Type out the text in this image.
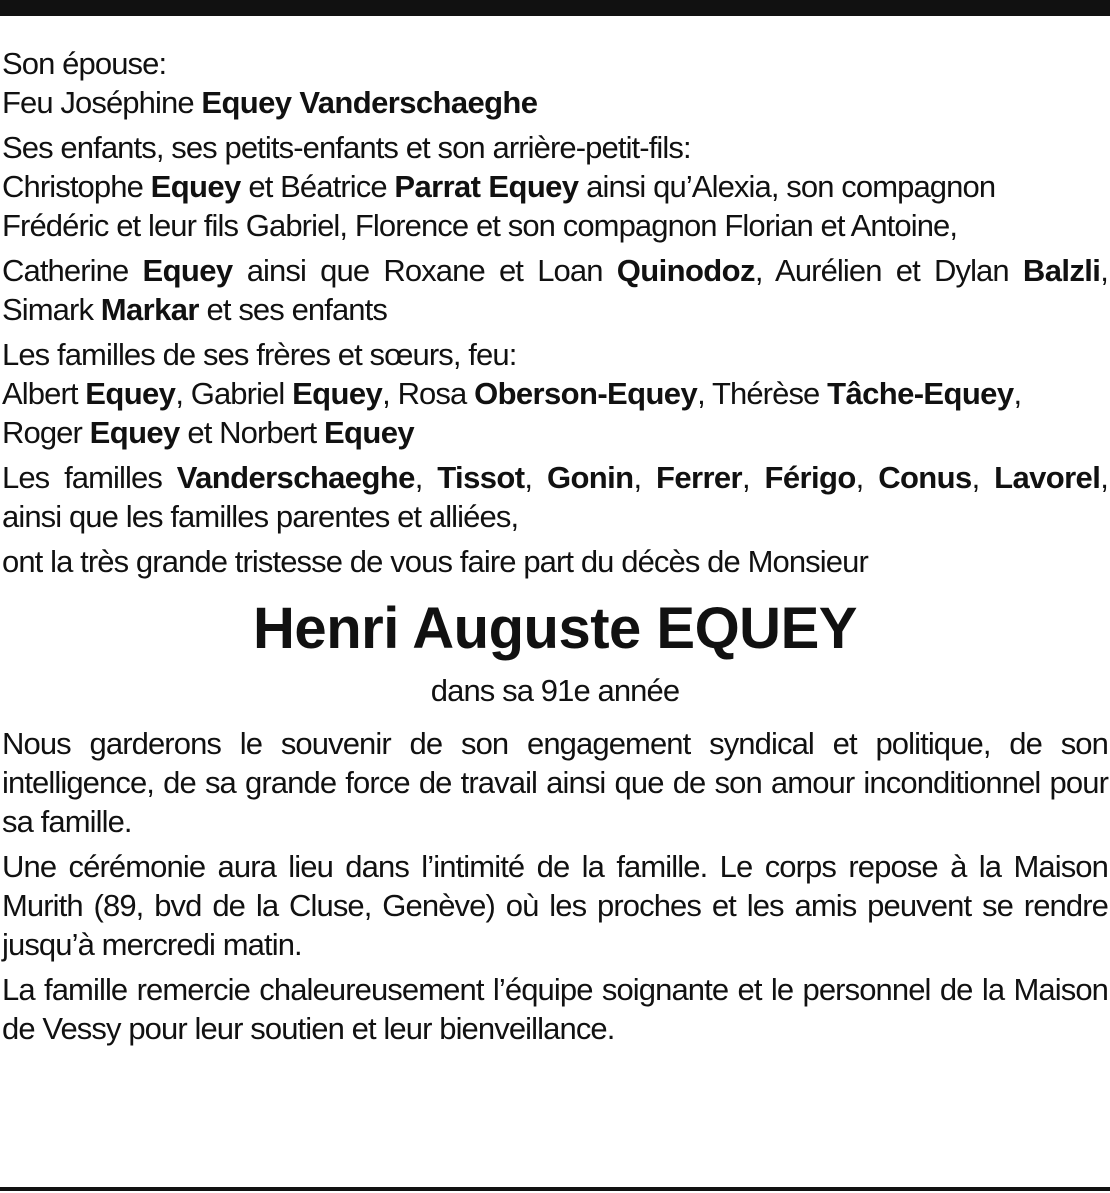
Son épouse:
Feu Joséphine Equey Vanderschaeghe

Ses enfants, ses petits-enfants et son arrière-petit-fils:
Christophe Equey et Béatrice Parrat Equey ainsi qu’Alexia, son compagnon
Frédéric et leur fils Gabriel, Florence et son compagnon Florian et Antoine,

Catherine Equey ainsi que Roxane et Loan Quinodoz, Aurélien et Dylan Balzli, Simark Markar et ses enfants

Les familles de ses frères et sœurs, feu:
Albert Equey, Gabriel Equey, Rosa Oberson-Equey, Thérèse Tâche-Equey,
Roger Equey et Norbert Equey

Les familles Vanderschaeghe, Tissot, Gonin, Ferrer, Férigo, Conus, Lavorel, ainsi que les familles parentes et alliées,

ont la très grande tristesse de vous faire part du décès de Monsieur

Henri Auguste EQUEY
dans sa 91e année

Nous garderons le souvenir de son engagement syndical et politique, de son intelligence, de sa grande force de travail ainsi que de son amour inconditionnel pour sa famille.

Une cérémonie aura lieu dans l’intimité de la famille. Le corps repose à la Maison Murith (89, bvd de la Cluse, Genève) où les proches et les amis peuvent se rendre jusqu’à mercredi matin.

La famille remercie chaleureusement l’équipe soignante et le personnel de la Maison de Vessy pour leur soutien et leur bienveillance.
